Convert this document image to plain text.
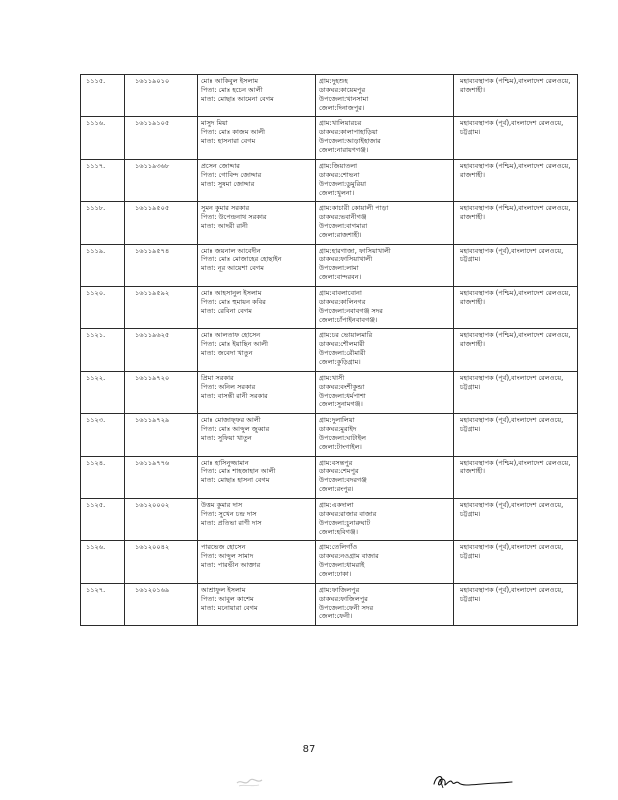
১১১৫.	১৬১১৯০১০	মোঃ আকিবুল ইসলাম
পিতা: মোঃ হচেন আলী
মাতা: মোছাঃ আমেনা বেগম	গ্রাম:দুহশুহ
ডাকঘর:কায়েমপুর
উপজেলা:খানসামা
জেলা:দিনাজপুর।	মহাব্যবস্থাপক (পশ্চিম),বাংলাদেশ রেলওয়ে, রাজশাহী।

১১১৬.	১৬১১৯১০৫	মাসুদ মিয়া
পিতা: মোঃ কাজম আলী
মাতা: হাসনারা বেগম	গ্রাম:খালিয়ারচর
ডাকঘর:কালাপাহাড়িয়া
উপজেলা:আড়াইহাজার
জেলা:নারায়ণগঞ্জ।	মহাব্যবস্থাপক (পূর্ব),বাংলাদেশ রেলওয়ে, চট্টগ্রাম।

১১১৭.	১৬১১৯৩৬৮	প্রসেন জোদ্দার
পিতা: গোবিন্দ জোদ্দার
মাতা: সুষমা জোদ্দার	গ্রাম:জিয়াতলা
ডাকঘর:শোভনা
উপজেলা:ডুমুরিয়া
জেলা:খুলনা।	মহাব্যবস্থাপক (পশ্চিম),বাংলাদেশ রেলওয়ে, রাজশাহী।

১১১৮.	১৬১১৯৫০৫	সুমন কুমার সরকার
পিতা: উপেন্দ্রনাথ সরকার
মাতা: আদরী রানী	গ্রাম:কাচারী কোয়ালী পাড়া
ডাকঘর:ভবানীগঞ্জ
উপজেলা:বাগমারা
জেলা:রাজশাহী।	মহাব্যবস্থাপক (পশ্চিম),বাংলাদেশ রেলওয়ে, রাজশাহী।

১১১৯.	১৬১১৯৫৭৪	মোঃ জয়নাল আবেদীন
পিতা: মোঃ মোজাহের হোছাইন
মাতা: নূর আয়েশা বেগম	গ্রাম:হারগাজা, ফাসিয়াখালী
ডাকঘর:ফাসিয়াখালী
উপজেলা:লামা
জেলা:বান্দরবন।	মহাব্যবস্থাপক (পূর্ব),বাংলাদেশ রেলওয়ে, চট্টগ্রাম।

১১২০.	১৬১১৯৫৯২	মোঃ আহসানুল ইসলাম
পিতা: মোঃ হুমায়ন কবির
মাতা: রেবিনা বেগম	গ্রাম:বাবলাবোনা
ডাকঘর:কালিনগর
উপজেলা:নবাবগঞ্জ সদর
জেলা:চাঁপাইনবাবগঞ্জ।	মহাব্যবস্থাপক (পশ্চিম),বাংলাদেশ রেলওয়ে, রাজশাহী।

১১২১.	১৬১১৯৬২৫	মোঃ আলতাফ হোসেন
পিতা: মোঃ ইয়াছিন আলী
মাতা: জবেদা খাতুন	গ্রাম:চর ভোয়ালমারি
ডাকঘর:শৌলমারী
উপজেলা:রৌমারী
জেলা:কুড়িগ্রাম।	মহাব্যবস্থাপক (পশ্চিম),বাংলাদেশ রেলওয়ে, রাজশাহী।

১১২২.	১৬১১৯৭২০	প্রিমা সরকার
পিতা: অনিল সরকার
মাতা: বাসন্তী রানী সরকার	গ্রাম:খাসী
ডাকঘর:বংশীকুন্ডা
উপজেলা:ধর্মপাশা
জেলা:সুনামগঞ্জ।	মহাব্যবস্থাপক (পূর্ব),বাংলাদেশ রেলওয়ে, চট্টগ্রাম।

১১২৩.	১৬১১৯৭২৯	মোঃ মোজাফ্ফর আলী
পিতা: মোঃ আব্দুল জুব্বার
মাতা: সুফিয়া খাতুন	গ্রাম:দুলালিয়া
ডাকঘর:মুরাইদ
উপজেলা:ঘাটাইল
জেলা:টাংগাইল।	মহাব্যবস্থাপক (পূর্ব),বাংলাদেশ রেলওয়ে, চট্টগ্রাম।

১১২৪.	১৬১১৯৭৭৬	মোঃ হাসিনুজ্জামান
পিতা: মোঃ শাহজাহান আলী
মাতা: মোছাঃ হাসনা বেগম	গ্রাম:বসন্তপুর
ডাকঘর:শেমপুর
উপজেলা:বদরগঞ্জ
জেলা:রংপুর।	মহাব্যবস্থাপক (পশ্চিম),বাংলাদেশ রেলওয়ে, রাজশাহী।

১১২৫.	১৬১২০০০২	উত্তম কুমার দাস
পিতা: সুখেন চন্দ্র দাস
মাতা: প্রতিভা রাণী দাস	গ্রাম:একদালা
ডাকঘর:রাজার বাজার
উপজেলা:চুনারুঘাট
জেলা:হবিগঞ্জ।	মহাব্যবস্থাপক (পূর্ব),বাংলাদেশ রেলওয়ে, চট্টগ্রাম।

১১২৬.	১৬১২০০৪২	পারভেজ হোসেন
পিতা: আব্দুল সামাদ
মাতা: পারভীন আক্তার	গ্রাম:তেলিগাঁও
ডাকঘর:নওগ্রাম বাজার
উপজেলা:ধামরাই
জেলা:ঢাকা।	মহাব্যবস্থাপক (পূর্ব),বাংলাদেশ রেলওয়ে, চট্টগ্রাম।

১১২৭.	১৬১২০১৬৯	আশ্রাফুল ইসলাম
পিতা: আবুল কাশেম
মাতা: মনোয়ারা বেগম	গ্রাম:ফাজিলপুর
ডাকঘর:ফাজিলপুর
উপজেলা:ফেনী সদর
জেলা:ফেনী।	মহাব্যবস্থাপক (পূর্ব),বাংলাদেশ রেলওয়ে, চট্টগ্রাম।
87
